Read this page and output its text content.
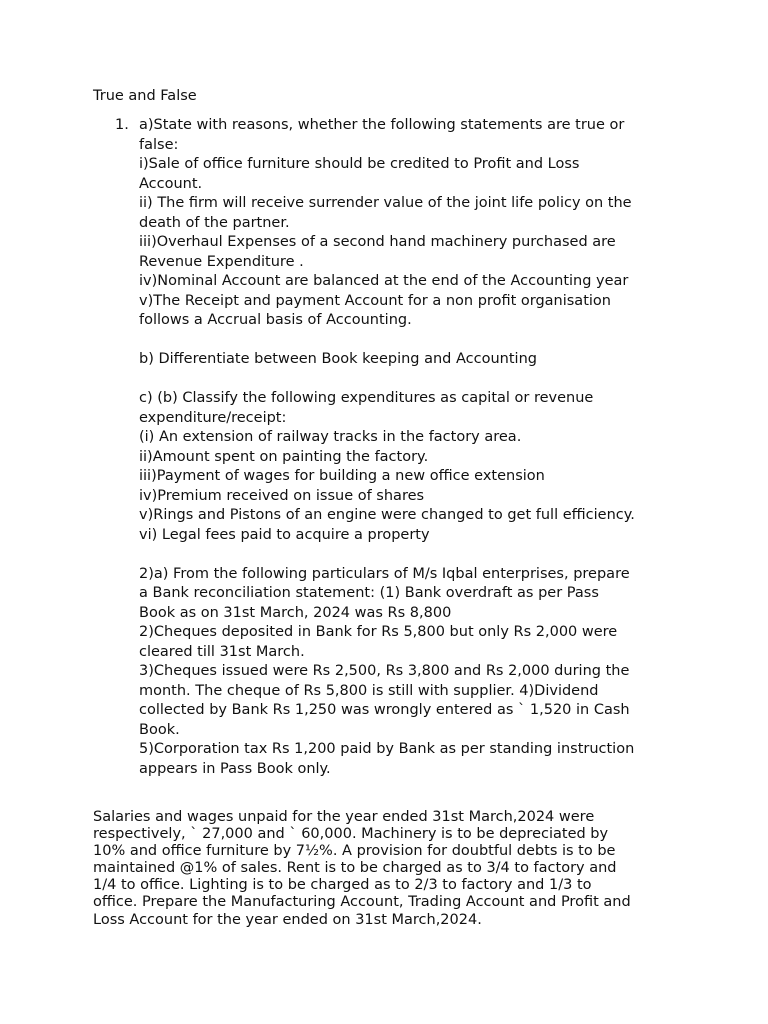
True and False

1. a)State with reasons, whether the following statements are true or
false:
i)Sale of office furniture should be credited to Profit and Loss
Account.
ii) The firm will receive surrender value of the joint life policy on the
death of the partner.
iii)Overhaul Expenses of a second hand machinery purchased are
Revenue Expenditure .
iv)Nominal Account are balanced at the end of the Accounting year
v)The Receipt and payment Account for a non profit organisation
follows a Accrual basis of Accounting.
b) Differentiate between Book keeping and Accounting
c) (b) Classify the following expenditures as capital or revenue
expenditure/receipt:
(i) An extension of railway tracks in the factory area.
ii)Amount spent on painting the factory.
iii)Payment of wages for building a new office extension
iv)Premium received on issue of shares
v)Rings and Pistons of an engine were changed to get full efficiency.
vi) Legal fees paid to acquire a property
2)a) From the following particulars of M/s Iqbal enterprises, prepare
a Bank reconciliation statement: (1) Bank overdraft as per Pass
Book as on 31st March, 2024 was Rs 8,800
2)Cheques deposited in Bank for Rs 5,800 but only Rs 2,000 were
cleared till 31st March.
3)Cheques issued were Rs 2,500, Rs 3,800 and Rs 2,000 during the
month. The cheque of Rs 5,800 is still with supplier. 4)Dividend
collected by Bank Rs 1,250 was wrongly entered as ` 1,520 in Cash
Book.
5)Corporation tax Rs 1,200 paid by Bank as per standing instruction
appears in Pass Book only.
Salaries and wages unpaid for the year ended 31st March,2024 were
respectively, ` 27,000 and ` 60,000. Machinery is to be depreciated by
10% and office furniture by 7½%. A provision for doubtful debts is to be
maintained @1% of sales. Rent is to be charged as to 3/4 to factory and
1/4 to office. Lighting is to be charged as to 2/3 to factory and 1/3 to
office. Prepare the Manufacturing Account, Trading Account and Profit and
Loss Account for the year ended on 31st March,2024.
